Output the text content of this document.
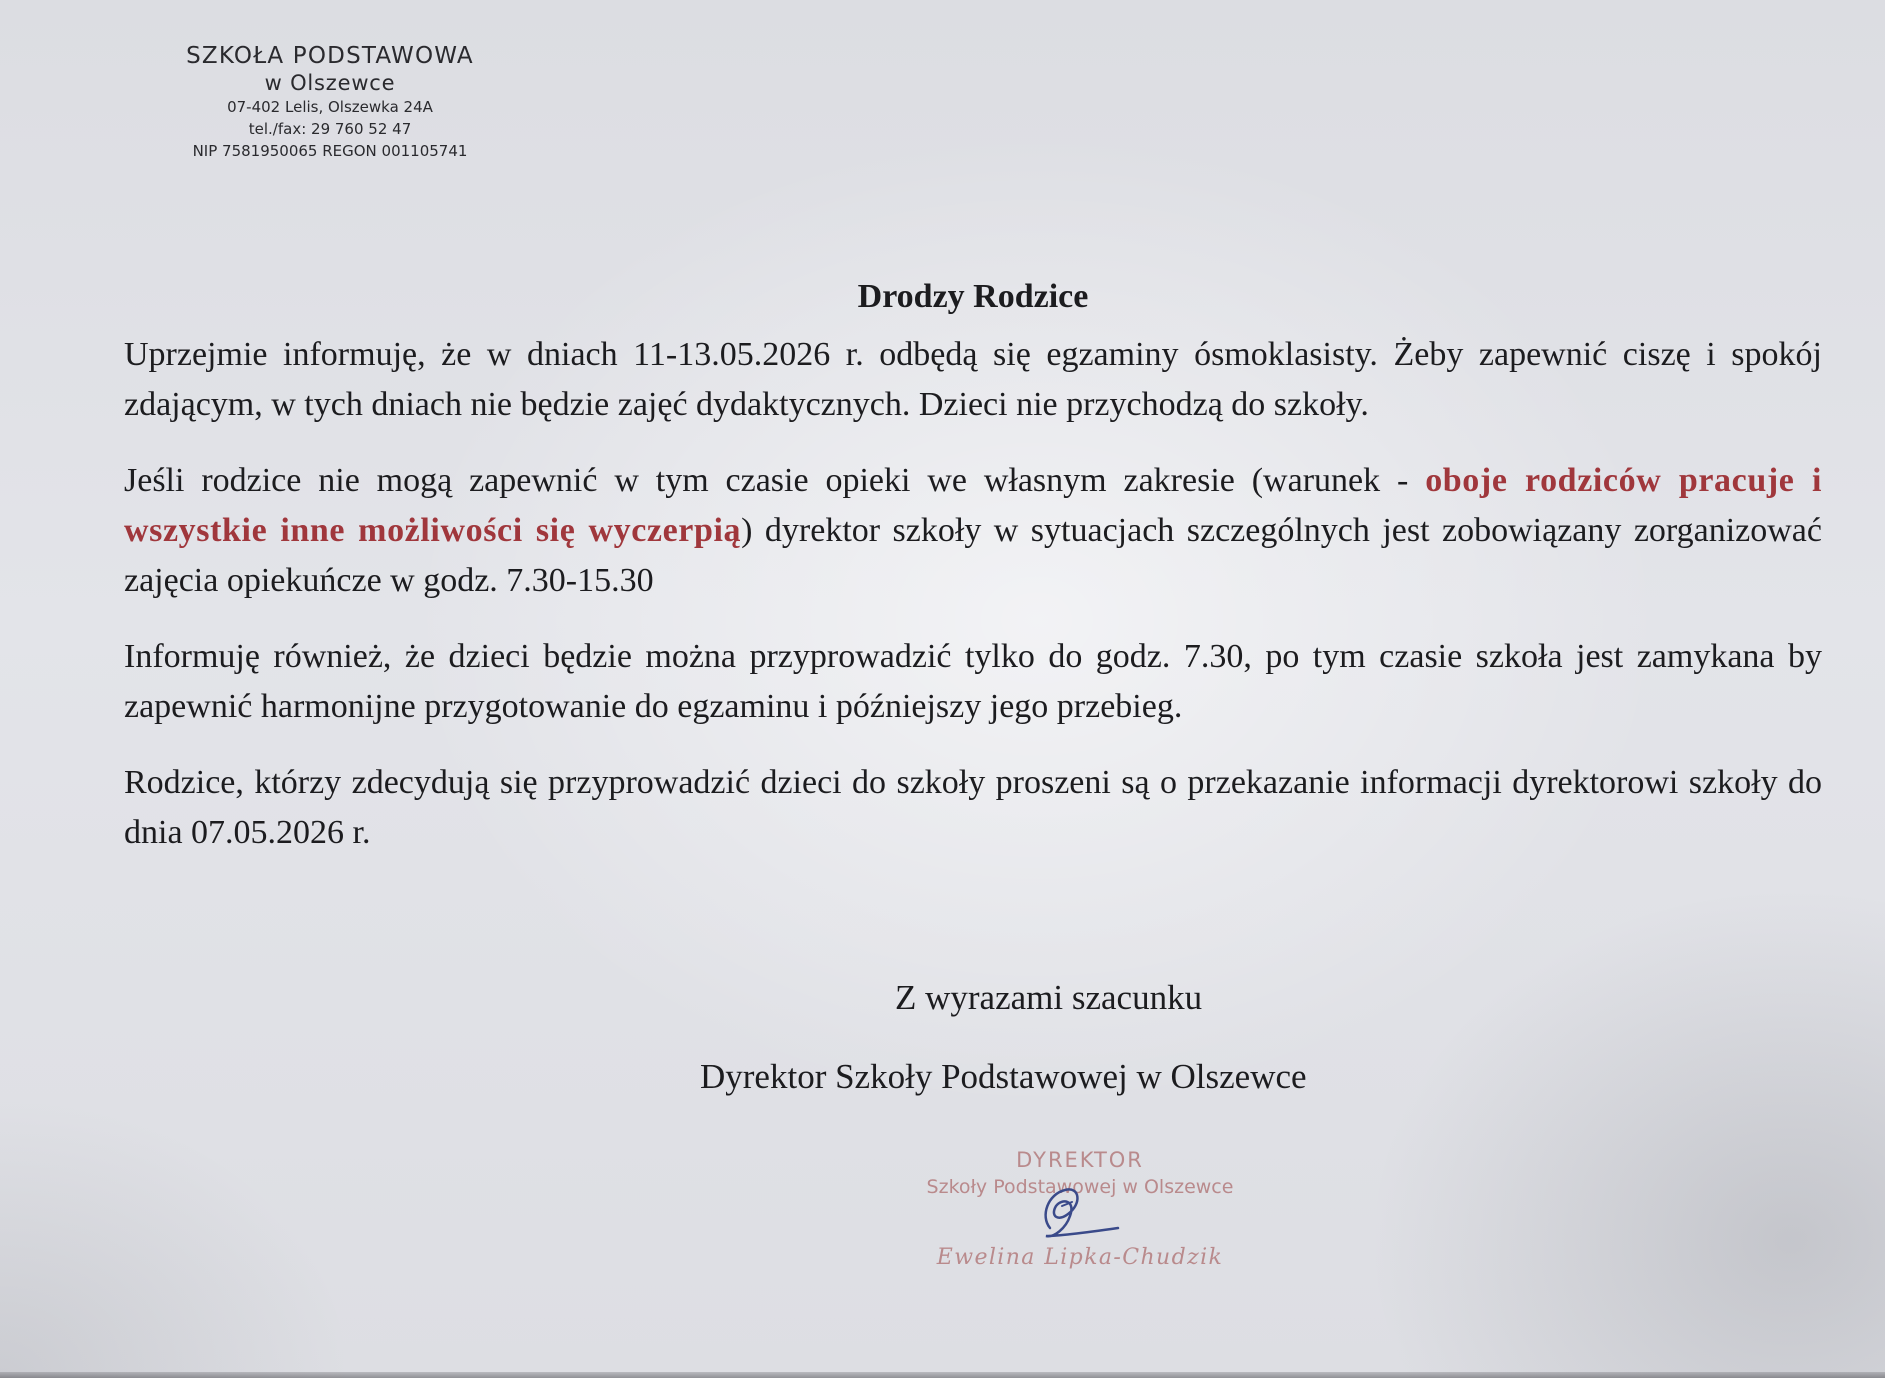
SZKOŁA PODSTAWOWA
w Olszewce
07-402 Lelis, Olszewka 24A
tel./fax: 29 760 52 47
NIP 7581950065 REGON 001105741
Drodzy Rodzice

Uprzejmie informuję, że w dniach 11-13.05.2026 r. odbędą się egzaminy ósmoklasisty. Żeby zapewnić ciszę i spokój zdającym, w tych dniach nie będzie zajęć dydaktycznych. Dzieci nie przychodzą do szkoły.

Jeśli rodzice nie mogą zapewnić w tym czasie opieki we własnym zakresie (warunek - oboje rodziców pracuje i wszystkie inne możliwości się wyczerpią) dyrektor szkoły w sytuacjach szczególnych jest zobowiązany zorganizować zajęcia opiekuńcze w godz. 7.30-15.30

Informuję również, że dzieci będzie można przyprowadzić tylko do godz. 7.30, po tym czasie szkoła jest zamykana by zapewnić harmonijne przygotowanie do egzaminu i późniejszy jego przebieg.

Rodzice, którzy zdecydują się przyprowadzić dzieci do szkoły proszeni są o przekazanie informacji dyrektorowi szkoły do dnia 07.05.2026 r.

Z wyrazami szacunku
Dyrektor Szkoły Podstawowej w Olszewce
DYREKTOR
Szkoły Podstawowej w Olszewce
Ewelina Lipka-Chudzik
